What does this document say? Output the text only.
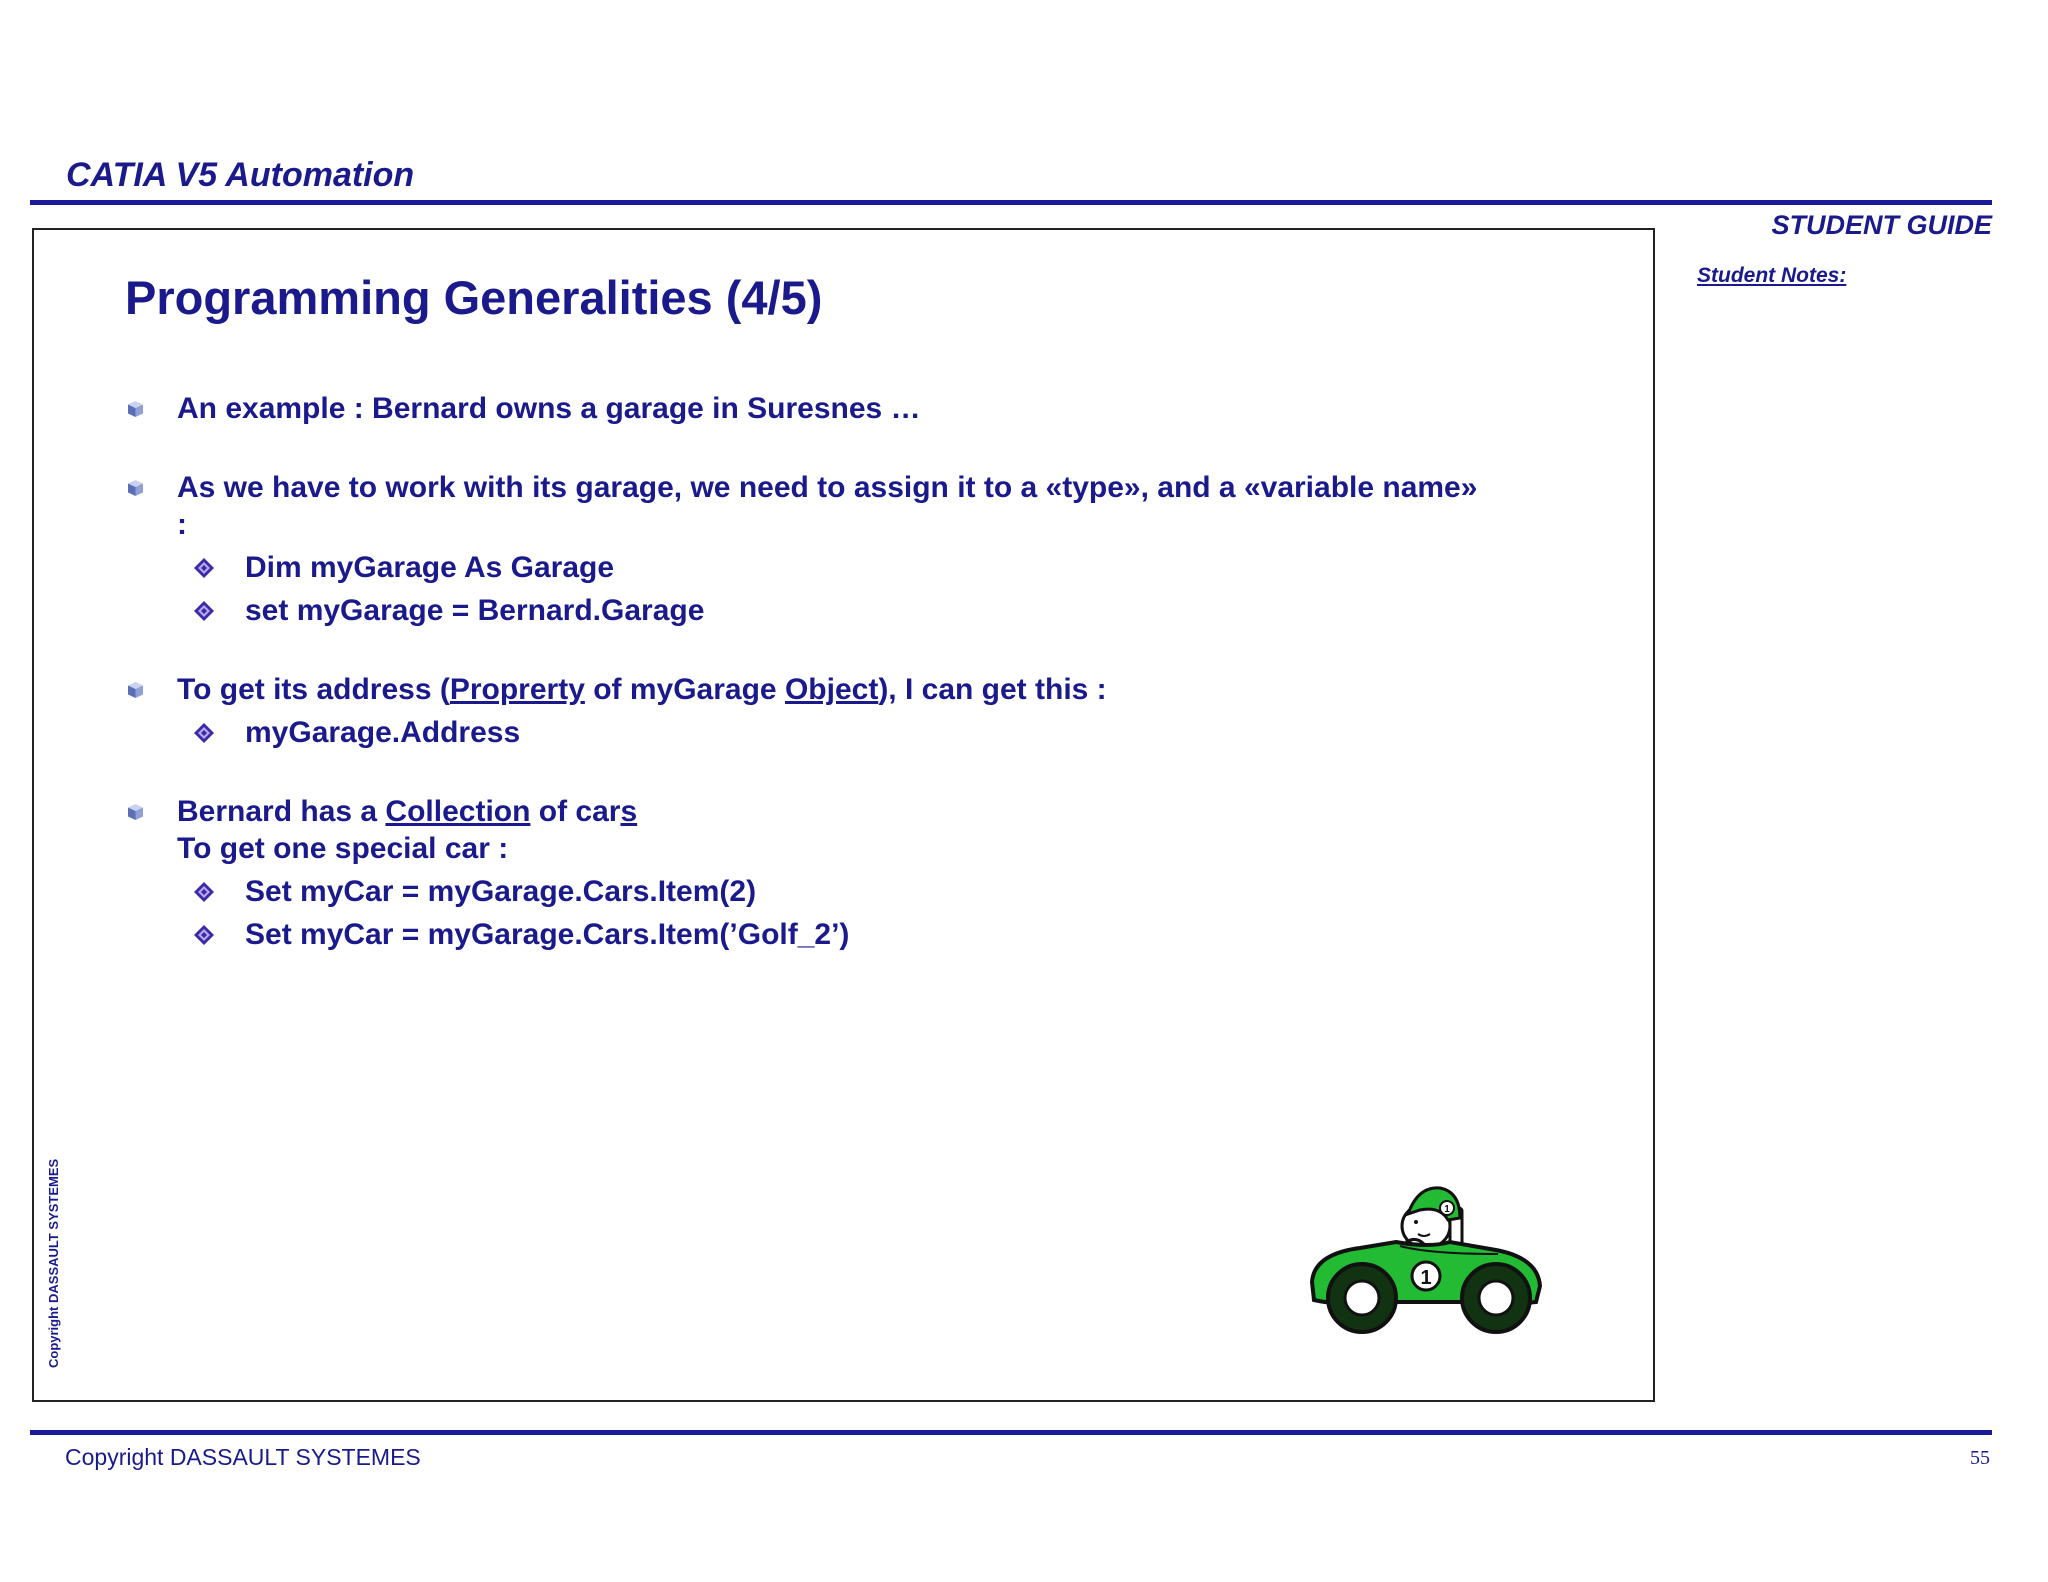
CATIA V5 Automation
STUDENT GUIDE
Student Notes:
Programming Generalities (4/5)
An example : Bernard owns a garage in Suresnes …
As we have to work with its garage, we need to assign it to a «type», and a «variable name» :
Dim myGarage As Garage
set myGarage = Bernard.Garage
To get its address (Proprerty of myGarage Object), I can get this :
myGarage.Address
Bernard has a Collection of cars
To get one special car :
Set myCar = myGarage.Cars.Item(2)
Set myCar = myGarage.Cars.Item(’Golf_2’)
1
1
Copyright DASSAULT SYSTEMES
Copyright DASSAULT SYSTEMES	55
